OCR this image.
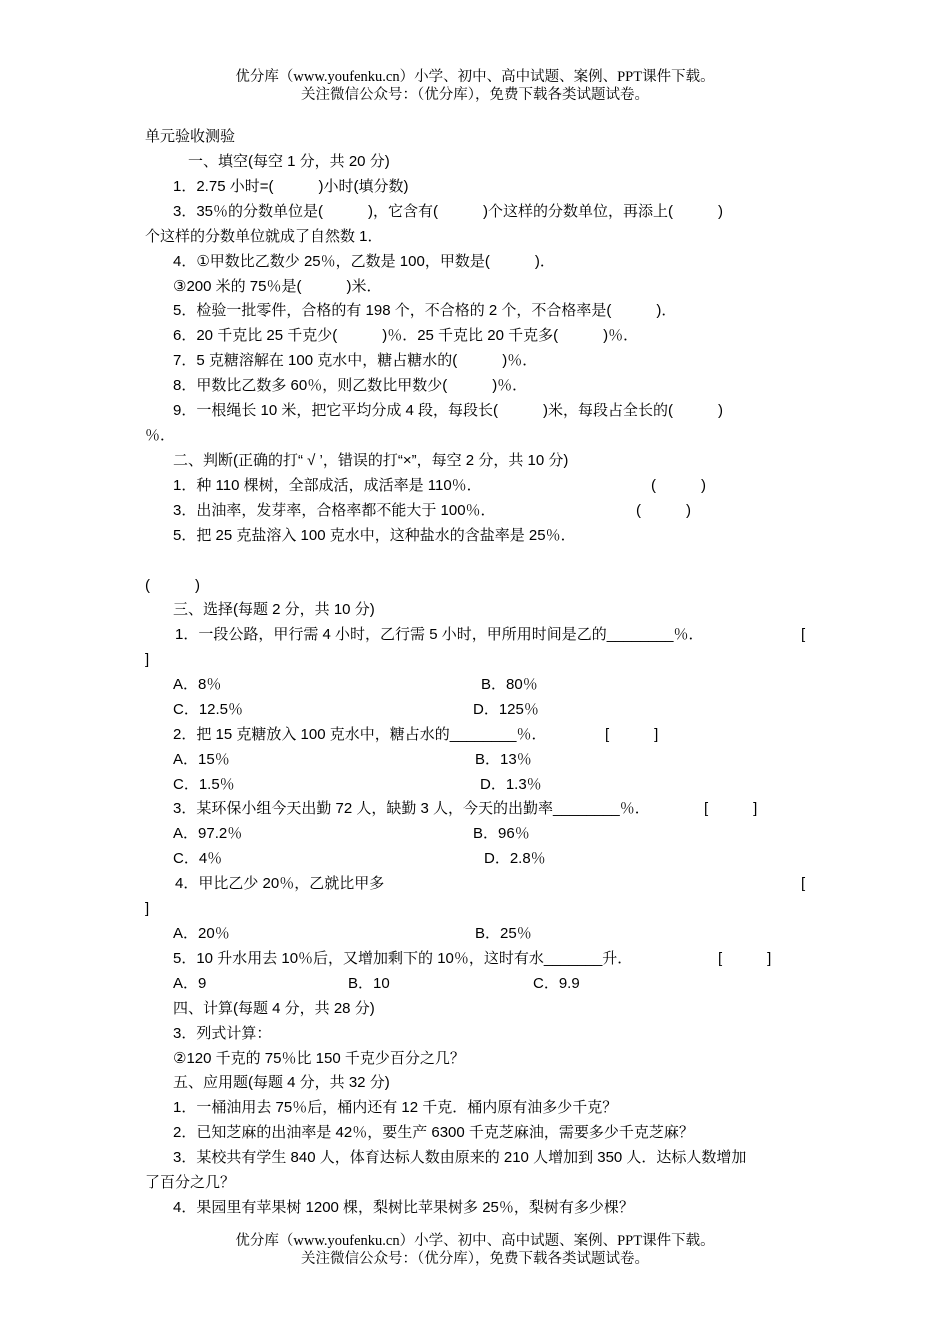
优分库（www.youfenku.cn）小学、初中、高中试题、案例、PPT课件下载。
关注微信公众号：（优分库），免费下载各类试题试卷。
单元验收测验
一、填空(每空 1 分，共 20 分)
1．2.75 小时=(　　　)小时(填分数)
3．35％的分数单位是(　　　)，它含有(　　　)个这样的分数单位，再添上(　　　)
个这样的分数单位就成了自然数 1．
4．①甲数比乙数少 25％，乙数是 100，甲数是(　　　)．
③200 米的 75％是(　　　)米．
5．检验一批零件，合格的有 198 个，不合格的 2 个，不合格率是(　　　)．
6．20 千克比 25 千克少(　　　)％．25 千克比 20 千克多(　　　)％．
7．5 克糖溶解在 100 克水中，糖占糖水的(　　　)％．
8．甲数比乙数多 60％，则乙数比甲数少(　　　)％．
9．一根绳长 10 米，把它平均分成 4 段，每段长(　　　)米，每段占全长的(　　　)
％．
二、判断(正确的打“ √ ’，错误的打“×”，每空 2 分，共 10 分)
1．种 110 棵树，全部成活，成活率是 110％．	(　　　)
3．出油率，发芽率，合格率都不能大于 100％．	(　　　)
5．把 25 克盐溶入 100 克水中，这种盐水的含盐率是 25％．
(　　　)
三、选择(每题 2 分，共 10 分)
1．一段公路，甲行需 4 小时，乙行需 5 小时，甲所用时间是乙的________％．	[
]
A．8％	B．80％
C．12.5％	D．125％
2．把 15 克糖放入 100 克水中，糖占水的________％．	[　　　]
A．15％	B．13％
C．1.5％	D．1.3％
3．某环保小组今天出勤 72 人，缺勤 3 人，今天的出勤率________％．	[　　　]
A．97.2％	B．96％
C．4％	D．2.8％
4．甲比乙少 20％，乙就比甲多	[
]
A．20％	B．25％
5．10 升水用去 10％后，又增加剩下的 10％，这时有水_______升．	[　　　]
A．9	B．10	C．9.9
四、计算(每题 4 分，共 28 分)
3．列式计算：
②120 千克的 75％比 150 千克少百分之几？
五、应用题(每题 4 分，共 32 分)
1．一桶油用去 75％后，桶内还有 12 千克．桶内原有油多少千克？
2．已知芝麻的出油率是 42％，要生产 6300 千克芝麻油，需要多少千克芝麻？
3．某校共有学生 840 人，体育达标人数由原来的 210 人增加到 350 人．达标人数增加
了百分之几？
4．果园里有苹果树 1200 棵，梨树比苹果树多 25％，梨树有多少棵？
优分库（www.youfenku.cn）小学、初中、高中试题、案例、PPT课件下载。
关注微信公众号：（优分库），免费下载各类试题试卷。
